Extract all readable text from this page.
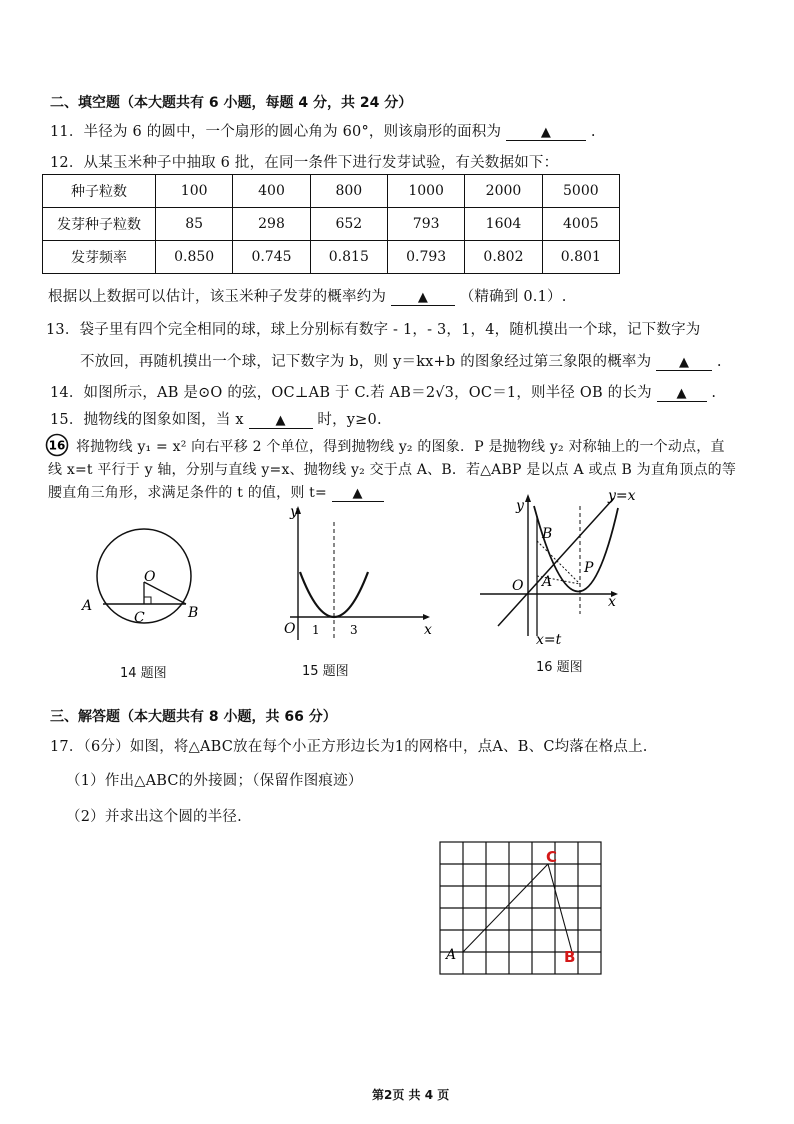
二、填空题（本大题共有 6 小题，每题 4 分，共 24 分）
11．半径为 6 的圆中，一个扇形的圆心角为 60°，则该扇形的面积为	▲	.
12．从某玉米种子中抽取 6 批，在同一条件下进行发芽试验，有关数据如下：
种子粒数	100	400	800	1000	2000	5000
发芽种子粒数	85	298	652	793	1604	4005
发芽频率	0.850	0.745	0.815	0.793	0.802	0.801
根据以上数据可以估计，该玉米种子发芽的概率约为 ▲ （精确到 0.1）.
13．袋子里有四个完全相同的球，球上分别标有数字 - 1，- 3，1，4，随机摸出一个球，记下数字为
不放回，再随机摸出一个球，记下数字为 b，则 y＝kx+b 的图象经过第三象限的概率为 ▲ .
14．如图所示，AB 是⊙O 的弦，OC⊥AB 于 C.若 AB＝2√3，OC＝1，则半径 OB 的长为 ▲ .
15．抛物线的图象如图，当 x ▲ 时，y≥0.
16 将抛物线 y₁ = x² 向右平移 2 个单位，得到抛物线 y₂ 的图象．P 是抛物线 y₂ 对称轴上的一个动点，直
线 x=t 平行于 y 轴，分别与直线 y=x、抛物线 y₂ 交于点 A、B．若△ABP 是以点 A 或点 B 为直角顶点的等
腰直角三角形，求满足条件的 t 的值，则 t= ▲
O
A	B
C
14 题图
y
x
O 1	3
15 题图
y
y=x
B
O A
P
x
x=t
16 题图
三、解答题（本大题共有 8 小题，共 66 分）
17．（6分）如图，将△ABC放在每个小正方形边长为1的网格中，点A、B、C均落在格点上.
（1）作出△ABC的外接圆；（保留作图痕迹）
（2）并求出这个圆的半径.
A
C
B
第2页 共 4 页
